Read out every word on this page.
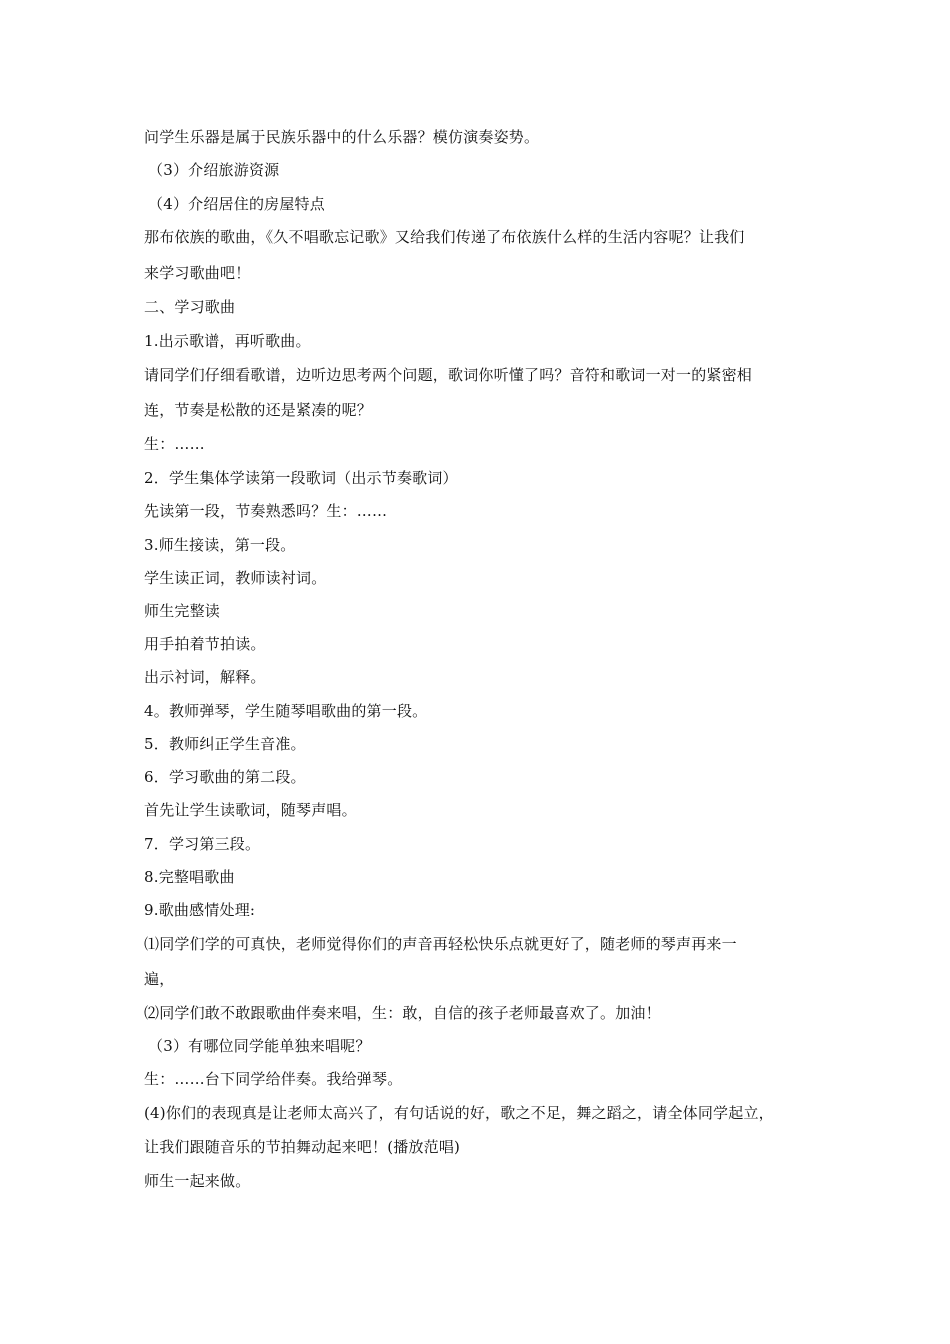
问学生乐器是属于民族乐器中的什么乐器？模仿演奏姿势。
（3）介绍旅游资源
（4）介绍居住的房屋特点
那布依族的歌曲，《久不唱歌忘记歌》又给我们传递了布依族什么样的生活内容呢？让我们
来学习歌曲吧！
二、学习歌曲
1.出示歌谱，再听歌曲。
请同学们仔细看歌谱，边听边思考两个问题，歌词你听懂了吗？音符和歌词一对一的紧密相
连，节奏是松散的还是紧凑的呢？
生：……
2．学生集体学读第一段歌词（出示节奏歌词）
先读第一段，节奏熟悉吗？生：……
3.师生接读，第一段。
学生读正词，教师读衬词。
师生完整读
用手拍着节拍读。
出示衬词，解释。
4。教师弹琴，学生随琴唱歌曲的第一段。
5．教师纠正学生音准。
6．学习歌曲的第二段。
首先让学生读歌词，随琴声唱。
7．学习第三段。
8.完整唱歌曲
9.歌曲感情处理:
⑴同学们学的可真快，老师觉得你们的声音再轻松快乐点就更好了，随老师的琴声再来一
遍，
⑵同学们敢不敢跟歌曲伴奏来唱，生：敢，自信的孩子老师最喜欢了。加油！
（3）有哪位同学能单独来唱呢？
生：……台下同学给伴奏。我给弹琴。
(4)你们的表现真是让老师太高兴了，有句话说的好，歌之不足，舞之蹈之，请全体同学起立，
让我们跟随音乐的节拍舞动起来吧！(播放范唱)
师生一起来做。
